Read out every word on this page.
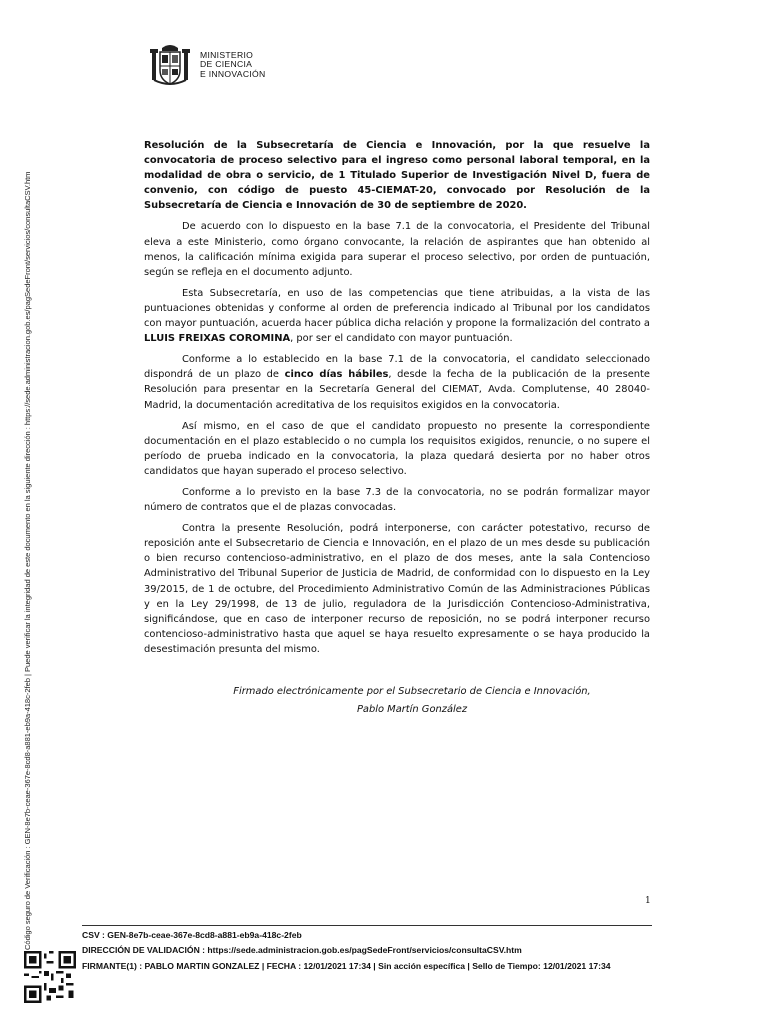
Código seguro de Verificación : GEN-8e7b-ceae-367e-8cd8-a881-eb9a-418c-2feb | Puede verificar la integridad de este documento en la siguiente dirección : https://sede.administracion.gob.es/pagSedeFront/servicios/consultaCSV.htm
MINISTERIO
DE CIENCIA
E INNOVACIÓN

Resolución de la Subsecretaría de Ciencia e Innovación, por la que resuelve la convocatoria de proceso selectivo para el ingreso como personal laboral temporal, en la modalidad de obra o servicio, de 1 Titulado Superior de Investigación Nivel D, fuera de convenio, con código de puesto 45-CIEMAT-20, convocado por Resolución de la Subsecretaría de Ciencia e Innovación de 30 de septiembre de 2020.

De acuerdo con lo dispuesto en la base 7.1 de la convocatoria, el Presidente del Tribunal eleva a este Ministerio, como órgano convocante, la relación de aspirantes que han obtenido al menos, la calificación mínima exigida para superar el proceso selectivo, por orden de puntuación, según se refleja en el documento adjunto.

Esta Subsecretaría, en uso de las competencias que tiene atribuidas, a la vista de las puntuaciones obtenidas y conforme al orden de preferencia indicado al Tribunal por los candidatos con mayor puntuación, acuerda hacer pública dicha relación y propone la formalización del contrato a LLUIS FREIXAS COROMINA, por ser el candidato con mayor puntuación.

Conforme a lo establecido en la base 7.1 de la convocatoria, el candidato seleccionado dispondrá de un plazo de cinco días hábiles, desde la fecha de la publicación de la presente Resolución para presentar en la Secretaría General del CIEMAT, Avda. Complutense, 40 28040-Madrid, la documentación acreditativa de los requisitos exigidos en la convocatoria.

Así mismo, en el caso de que el candidato propuesto no presente la correspondiente documentación en el plazo establecido o no cumpla los requisitos exigidos, renuncie, o no supere el período de prueba indicado en la convocatoria, la plaza quedará desierta por no haber otros candidatos que hayan superado el proceso selectivo.

Conforme a lo previsto en la base 7.3 de la convocatoria, no se podrán formalizar mayor número de contratos que el de plazas convocadas.

Contra la presente Resolución, podrá interponerse, con carácter potestativo, recurso de reposición ante el Subsecretario de Ciencia e Innovación, en el plazo de un mes desde su publicación o bien recurso contencioso-administrativo, en el plazo de dos meses, ante la sala Contencioso Administrativo del Tribunal Superior de Justicia de Madrid, de conformidad con lo dispuesto en la Ley 39/2015, de 1 de octubre, del Procedimiento Administrativo Común de las Administraciones Públicas y en la Ley 29/1998, de 13 de julio, reguladora de la Jurisdicción Contencioso-Administrativa, significándose, que en caso de interponer recurso de reposición, no se podrá interponer recurso contencioso-administrativo hasta que aquel se haya resuelto expresamente o se haya producido la desestimación presunta del mismo.

Firmado electrónicamente por el Subsecretario de Ciencia e Innovación,
Pablo Martín González
1
CSV : GEN-8e7b-ceae-367e-8cd8-a881-eb9a-418c-2feb
DIRECCIÓN DE VALIDACIÓN : https://sede.administracion.gob.es/pagSedeFront/servicios/consultaCSV.htm
FIRMANTE(1) : PABLO MARTIN GONZALEZ | FECHA : 12/01/2021 17:34 | Sin acción específica | Sello de Tiempo: 12/01/2021 17:34
